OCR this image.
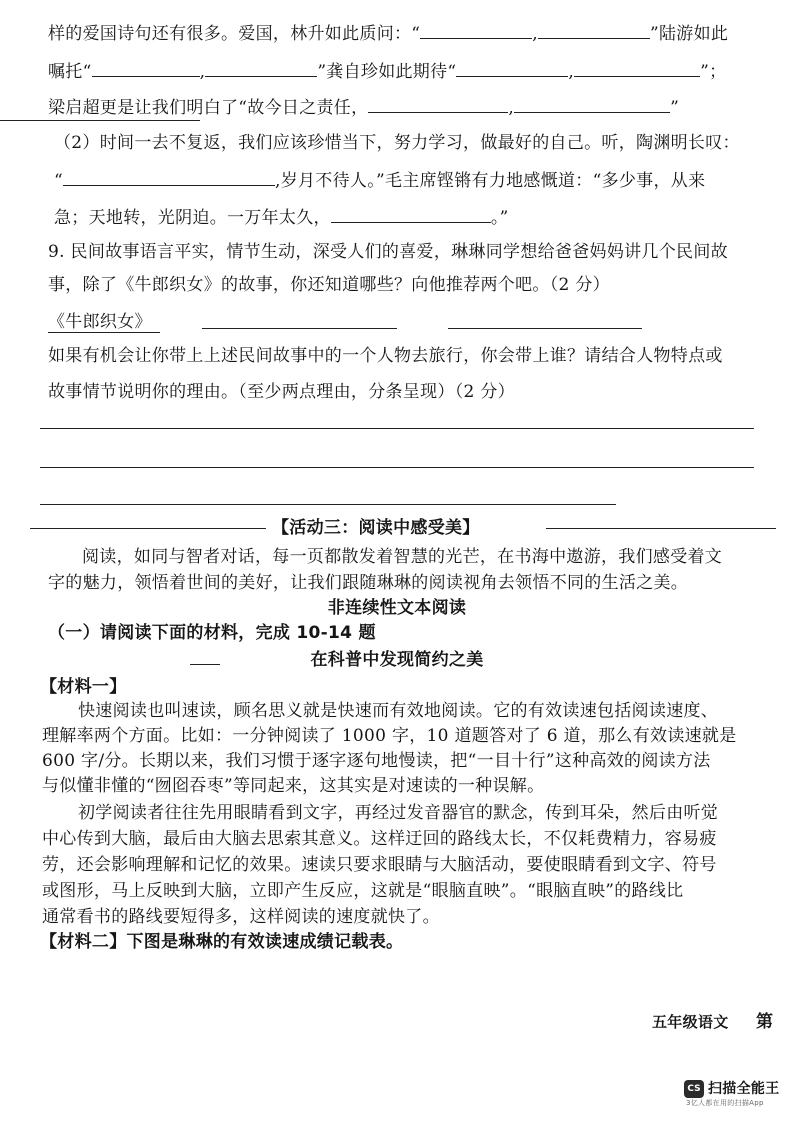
样的爱国诗句还有很多。爱国，林升如此质问：“	,	”陆游如此
嘱托“	,	”龚自珍如此期待“	,	”；
梁启超更是让我们明白了“故今日之责任，	,	”
（2）时间一去不复返，我们应该珍惜当下，努力学习，做最好的自己。听，陶渊明长叹：
“	,岁月不待人。”毛主席铿锵有力地感慨道：“多少事，从来
急；天地转，光阴迫。一万年太久，	。”
9. 民间故事语言平实，情节生动，深受人们的喜爱，琳琳同学想给爸爸妈妈讲几个民间故
事，除了《牛郎织女》的故事，你还知道哪些？向他推荐两个吧。（2 分）
《牛郎织女》
如果有机会让你带上上述民间故事中的一个人物去旅行，你会带上谁？请结合人物特点或
故事情节说明你的理由。（至少两点理由，分条呈现）（2 分）
【活动三：阅读中感受美】
阅读，如同与智者对话，每一页都散发着智慧的光芒，在书海中遨游，我们感受着文
字的魅力，领悟着世间的美好，让我们跟随琳琳的阅读视角去领悟不同的生活之美。
非连续性文本阅读
（一）请阅读下面的材料，完成 10-14 题
在科普中发现简约之美
【材料一】
快速阅读也叫速读，顾名思义就是快速而有效地阅读。它的有效读速包括阅读速度、
理解率两个方面。比如：一分钟阅读了 1000 字，10 道题答对了 6 道，那么有效读速就是
600 字/分。长期以来，我们习惯于逐字逐句地慢读，把“一目十行”这种高效的阅读方法
与似懂非懂的“囫囵吞枣”等同起来，这其实是对速读的一种误解。
初学阅读者往往先用眼睛看到文字，再经过发音器官的默念，传到耳朵，然后由听觉
中心传到大脑，最后由大脑去思索其意义。这样迂回的路线太长，不仅耗费精力，容易疲
劳，还会影响理解和记忆的效果。速读只要求眼睛与大脑活动，要使眼睛看到文字、符号
或图形，马上反映到大脑，立即产生反应，这就是“眼脑直映”。“眼脑直映”的路线比
通常看书的路线要短得多，这样阅读的速度就快了。
【材料二】下图是琳琳的有效读速成绩记载表。
五年级语文 第
CS 扫描全能王
3亿人都在用的扫描App
